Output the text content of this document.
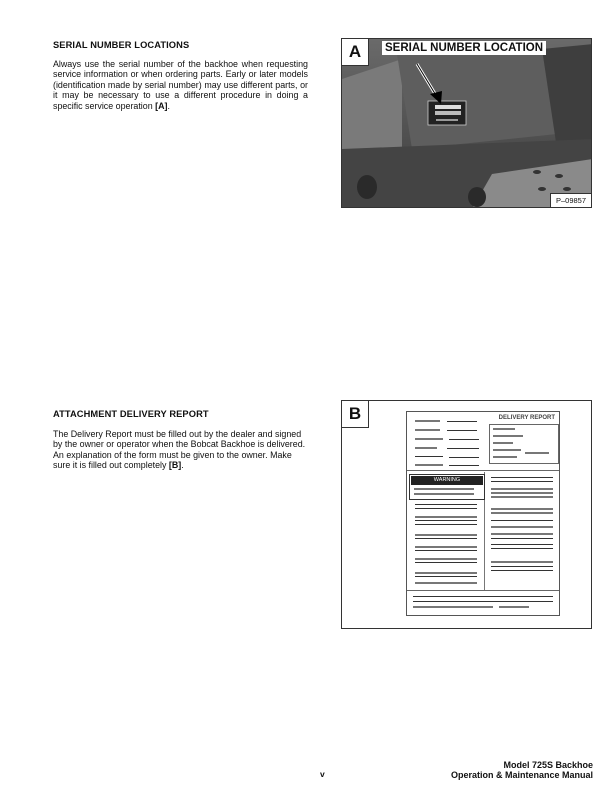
SERIAL NUMBER LOCATIONS
Always use the serial number of the backhoe when requesting service information or when ordering parts. Early or later models (identification made by serial number) may use different parts, or it may be necessary to use a different procedure in doing a specific service operation [A].
A	SERIAL NUMBER LOCATION
P–09857
ATTACHMENT DELIVERY REPORT
The Delivery Report must be filled out by the dealer and signed by the owner or operator when the Bobcat Backhoe is delivered. An explanation of the form must be given to the owner. Make sure it is filled out completely [B].
B	DELIVERY REPORT
WARNING
v
Model 725S Backhoe
Operation & Maintenance Manual
